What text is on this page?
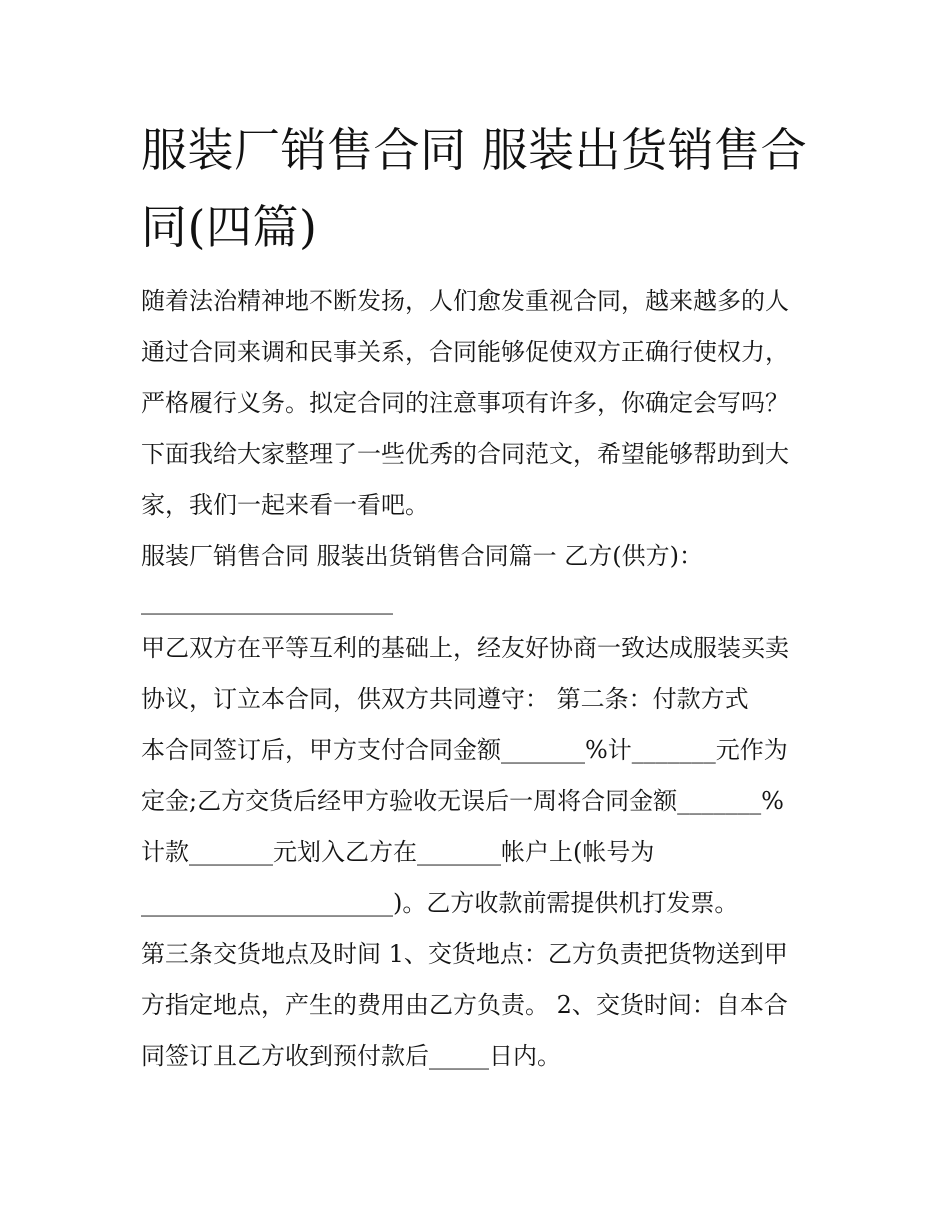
服装厂销售合同 服装出货销售合同(四篇)

随着法治精神地不断发扬，人们愈发重视合同，越来越多的人

通过合同来调和民事关系，合同能够促使双方正确行使权力，

严格履行义务。拟定合同的注意事项有许多，你确定会写吗？

下面我给大家整理了一些优秀的合同范文，希望能够帮助到大

家，我们一起来看一看吧。

服装厂销售合同 服装出货销售合同篇一 乙方(供方)：

_____________________

甲乙双方在平等互利的基础上，经友好协商一致达成服装买卖

协议，订立本合同，供双方共同遵守： 第二条：付款方式

本合同签订后，甲方支付合同金额_______%计_______元作为

定金;乙方交货后经甲方验收无误后一周将合同金额_______%

计款_______元划入乙方在_______帐户上(帐号为

_____________________)。乙方收款前需提供机打发票。

第三条交货地点及时间 1、交货地点：乙方负责把货物送到甲

方指定地点，产生的费用由乙方负责。 2、交货时间：自本合

同签订且乙方收到预付款后_____日内。
